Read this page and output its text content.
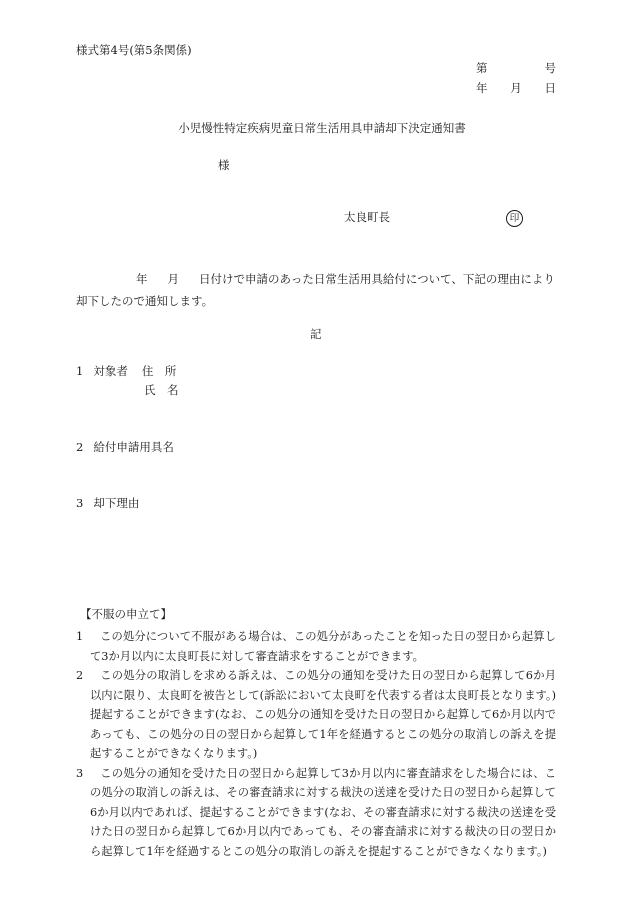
様式第4号(第5条関係)
第	号
年 月 日
小児慢性特定疾病児童日常生活用具申請却下決定通知書
様
太良町長	印
年 月 日付けで申請のあった日常生活用具給付について、下記の理由により却下したので通知します。
記
1 対象者 住　所
氏　名
2 給付申請用具名
3 却下理由
【不服の申立て】
1	この処分について不服がある場合は、この処分があったことを知った日の翌日から起算して3か月以内に太良町長に対して審査請求をすることができます。
2	この処分の取消しを求める訴えは、この処分の通知を受けた日の翌日から起算して6か月以内に限り、太良町を被告として(訴訟において太良町を代表する者は太良町長となります。)提起することができます(なお、この処分の通知を受けた日の翌日から起算して6か月以内であっても、この処分の日の翌日から起算して1年を経過するとこの処分の取消しの訴えを提起することができなくなります。)
3	この処分の通知を受けた日の翌日から起算して3か月以内に審査請求をした場合には、この処分の取消しの訴えは、その審査請求に対する裁決の送達を受けた日の翌日から起算して6か月以内であれば、提起することができます(なお、その審査請求に対する裁決の送達を受けた日の翌日から起算して6か月以内であっても、その審査請求に対する裁決の日の翌日から起算して1年を経過するとこの処分の取消しの訴えを提起することができなくなります。)
